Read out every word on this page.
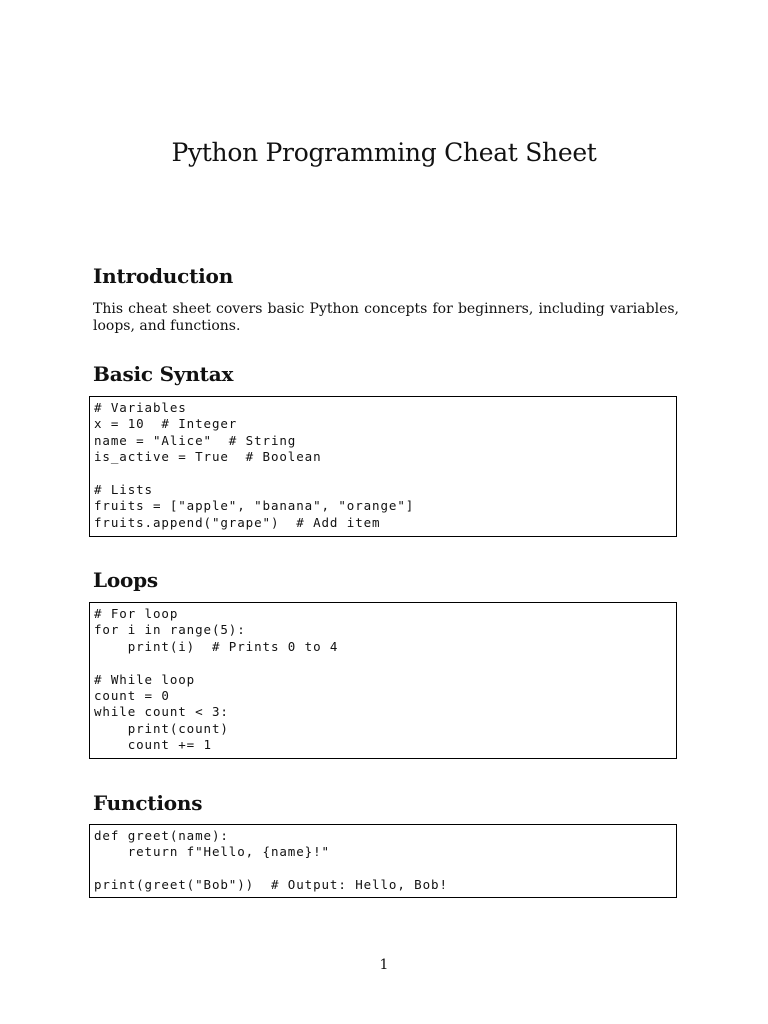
Python Programming Cheat Sheet
Introduction

This cheat sheet covers basic Python concepts for beginners, including variables, loops, and functions.

Basic Syntax
# Variables
x = 10  # Integer
name = "Alice"  # String
is_active = True  # Boolean

# Lists
fruits = ["apple", "banana", "orange"]
fruits.append("grape")  # Add item
Loops
# For loop
for i in range(5):
print(i)  # Prints 0 to 4

# While loop
count = 0
while count < 3:
print(count)
count += 1
Functions
def greet(name):
return f"Hello, {name}!"

print(greet("Bob"))  # Output: Hello, Bob!

1
